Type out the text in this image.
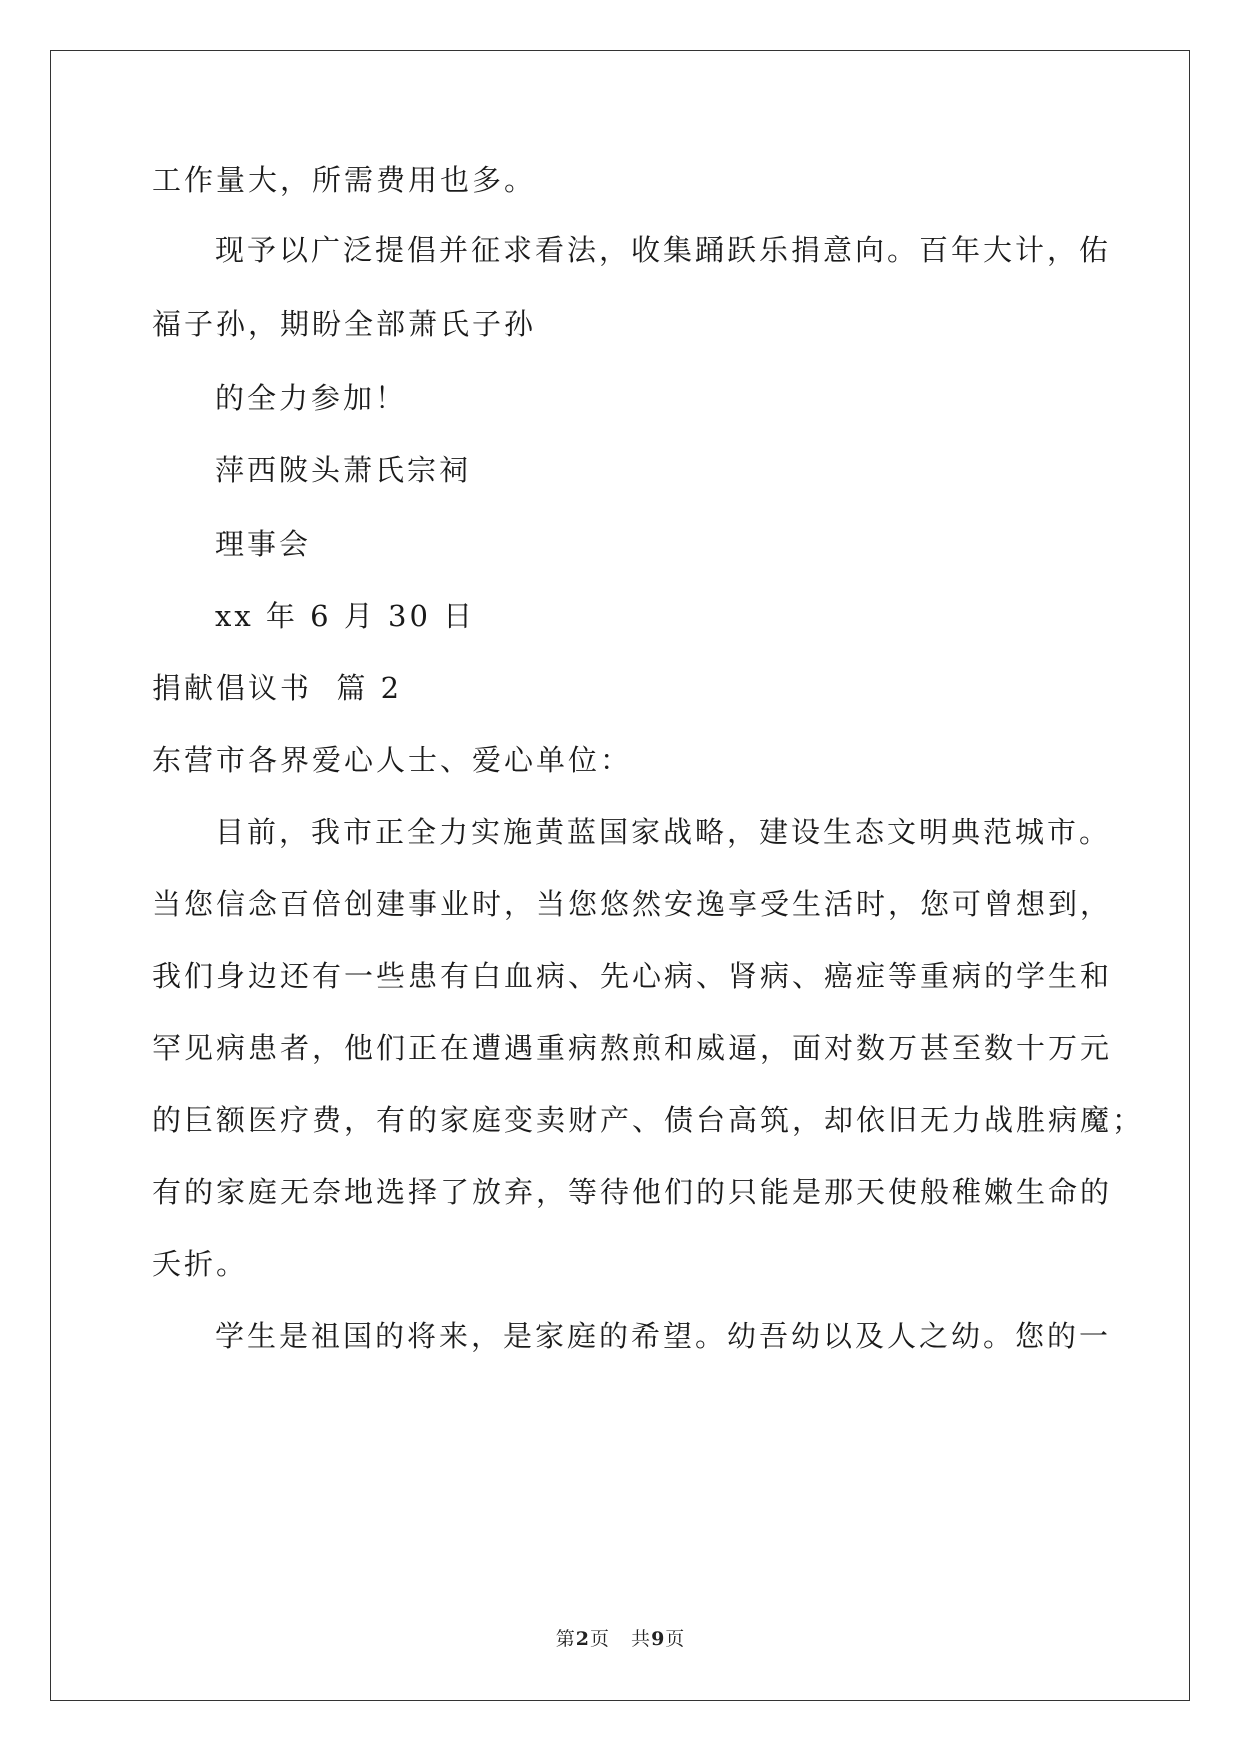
工作量大，所需费用也多。
现予以广泛提倡并征求看法，收集踊跃乐捐意向。百年大计，佑
福子孙，期盼全部萧氏子孙
的全力参加！
萍西陂头萧氏宗祠
理事会
xx 年 6 月 30 日
捐献倡议书  篇 2
东营市各界爱心人士、爱心单位：
目前，我市正全力实施黄蓝国家战略，建设生态文明典范城市。
当您信念百倍创建事业时，当您悠然安逸享受生活时，您可曾想到，
我们身边还有一些患有白血病、先心病、肾病、癌症等重病的学生和
罕见病患者，他们正在遭遇重病熬煎和威逼，面对数万甚至数十万元
的巨额医疗费，有的家庭变卖财产、债台高筑，却依旧无力战胜病魔；
有的家庭无奈地选择了放弃，等待他们的只能是那天使般稚嫩生命的
夭折。
学生是祖国的将来，是家庭的希望。幼吾幼以及人之幼。您的一
第2页   共9页
